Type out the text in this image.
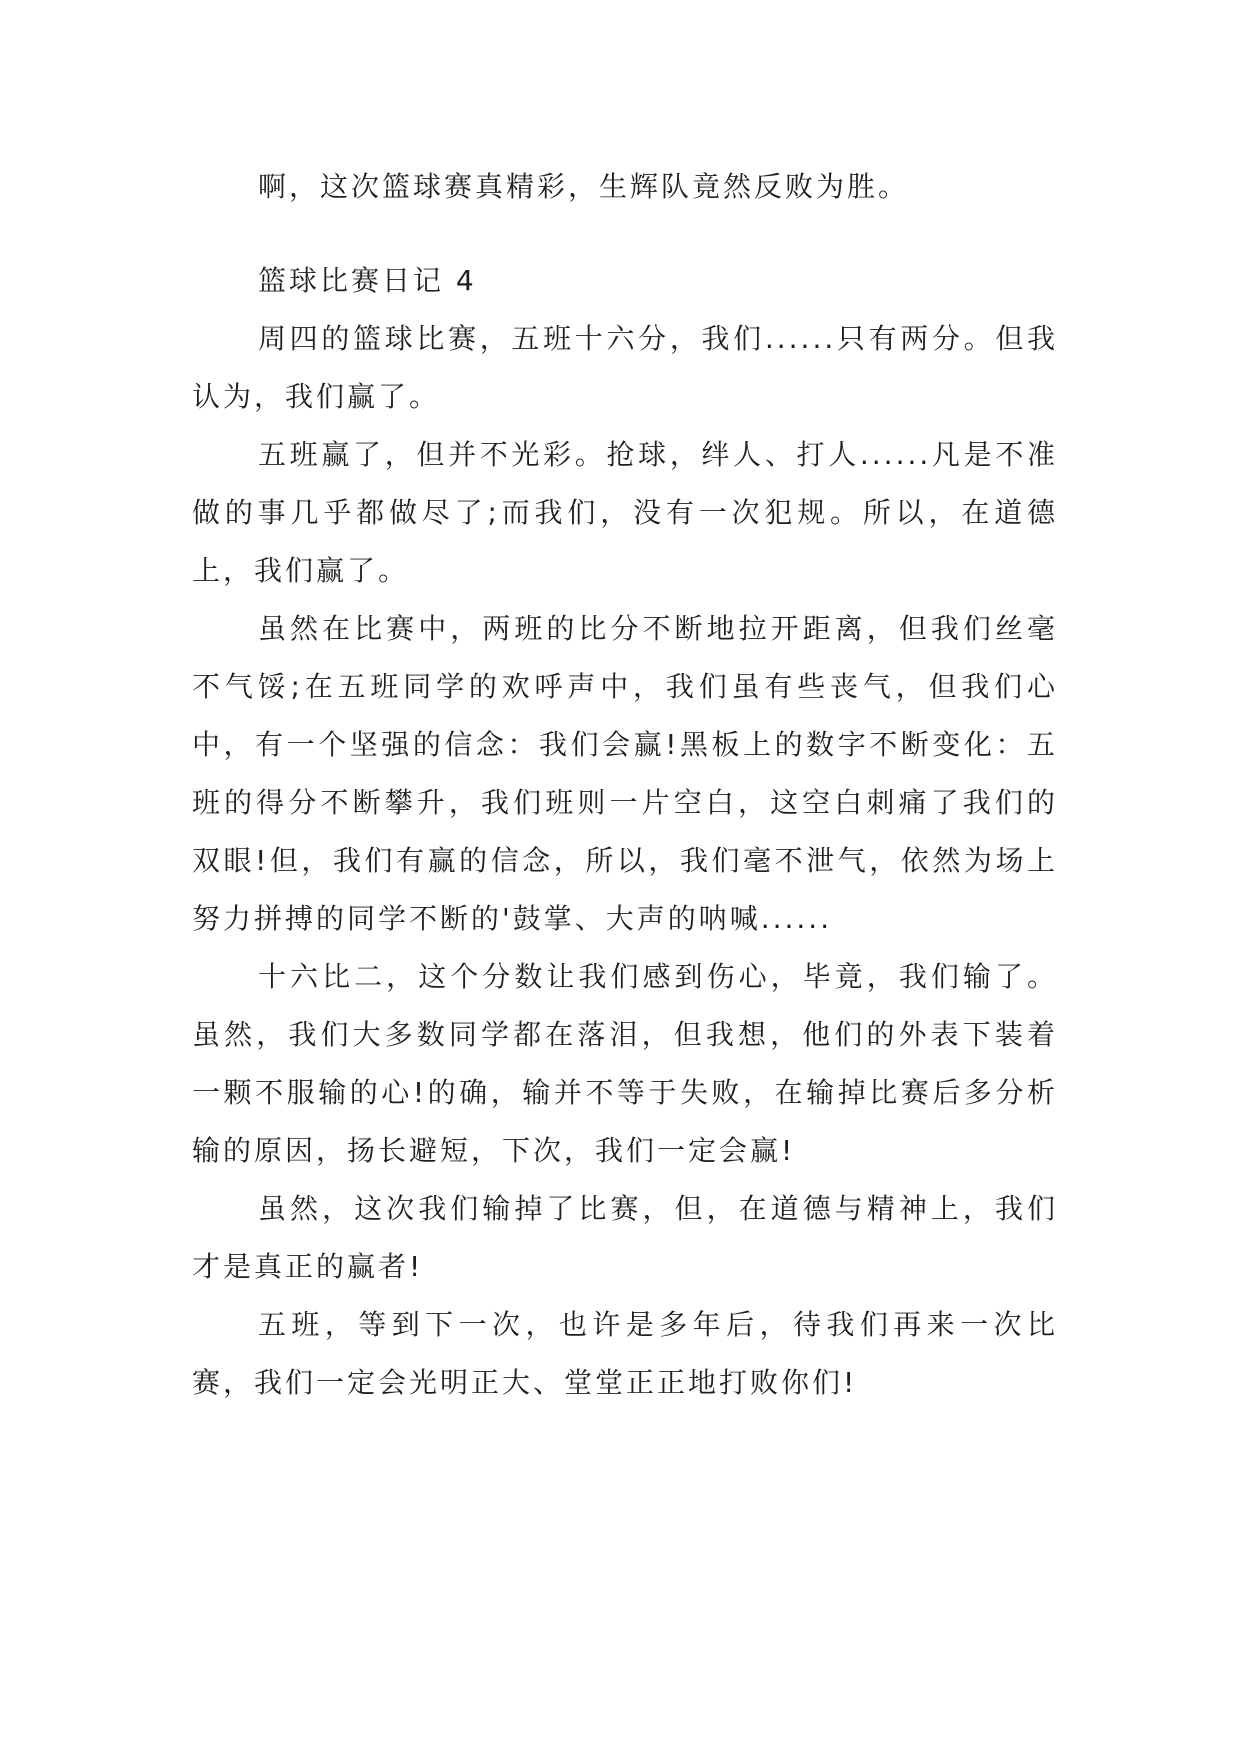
啊，这次篮球赛真精彩，生辉队竟然反败为胜。

篮球比赛日记 4

周四的篮球比赛，五班十六分，我们......只有两分。但我认为，我们赢了。

五班赢了，但并不光彩。抢球，绊人、打人......凡是不准做的事几乎都做尽了;而我们，没有一次犯规。所以，在道德上，我们赢了。

虽然在比赛中，两班的比分不断地拉开距离，但我们丝毫不气馁;在五班同学的欢呼声中，我们虽有些丧气，但我们心中，有一个坚强的信念：我们会赢!黑板上的数字不断变化：五班的得分不断攀升，我们班则一片空白，这空白刺痛了我们的双眼!但，我们有赢的信念，所以，我们毫不泄气，依然为场上努力拼搏的同学不断的'鼓掌、大声的呐喊......

十六比二，这个分数让我们感到伤心，毕竟，我们输了。虽然，我们大多数同学都在落泪，但我想，他们的外表下装着一颗不服输的心!的确，输并不等于失败，在输掉比赛后多分析输的原因，扬长避短，下次，我们一定会赢!

虽然，这次我们输掉了比赛，但，在道德与精神上，我们才是真正的赢者!

五班，等到下一次，也许是多年后，待我们再来一次比赛，我们一定会光明正大、堂堂正正地打败你们!
